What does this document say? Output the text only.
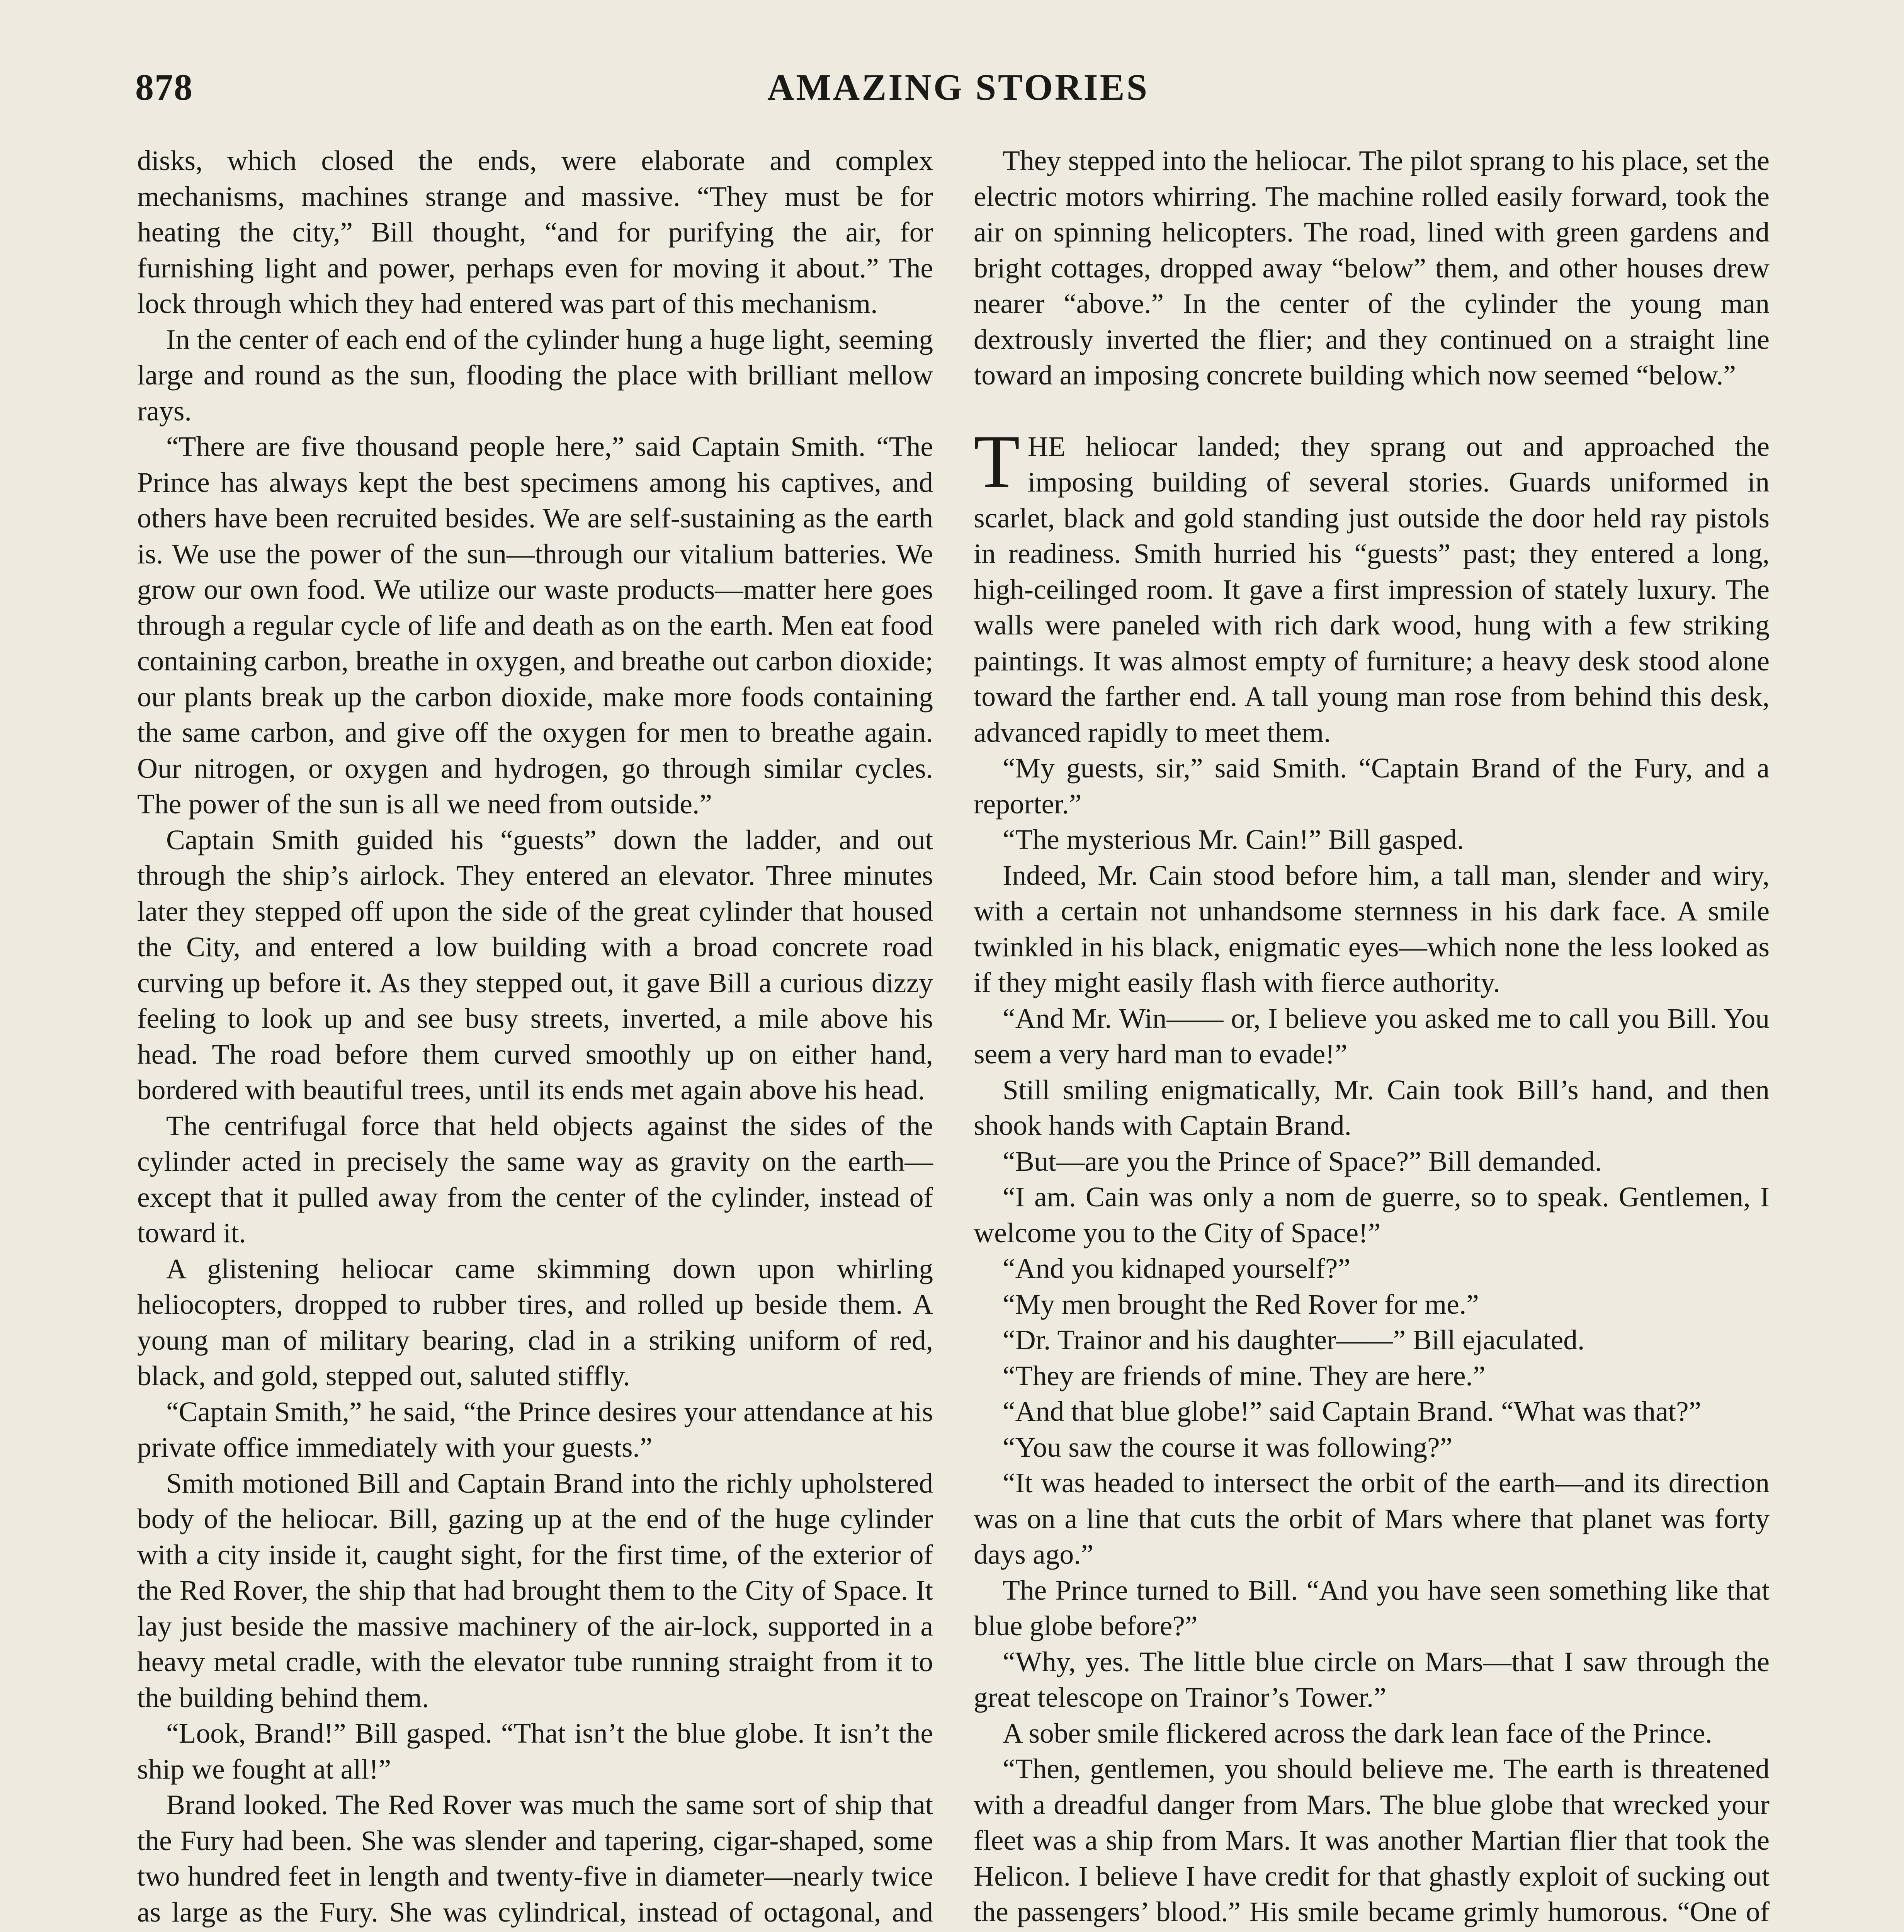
878	AMAZING STORIES

disks, which closed the ends, were elaborate and complex mechanisms, machines strange and massive. “They must be for heating the city,” Bill thought, “and for purifying the air, for furnishing light and power, perhaps even for moving it about.” The lock through which they had entered was part of this mechanism.

In the center of each end of the cylinder hung a huge light, seeming large and round as the sun, flooding the place with brilliant mellow rays.

“There are five thousand people here,” said Captain Smith. “The Prince has always kept the best specimens among his captives, and others have been recruited besides. We are self-sustaining as the earth is. We use the power of the sun—through our vitalium batteries. We grow our own food. We utilize our waste products—matter here goes through a regular cycle of life and death as on the earth. Men eat food containing carbon, breathe in oxygen, and breathe out carbon dioxide; our plants break up the carbon dioxide, make more foods containing the same carbon, and give off the oxygen for men to breathe again. Our nitrogen, or oxygen and hydrogen, go through similar cycles. The power of the sun is all we need from outside.”

Captain Smith guided his “guests” down the ladder, and out through the ship’s airlock. They entered an elevator. Three minutes later they stepped off upon the side of the great cylinder that housed the City, and entered a low building with a broad concrete road curving up before it. As they stepped out, it gave Bill a curious dizzy feeling to look up and see busy streets, inverted, a mile above his head. The road before them curved smoothly up on either hand, bordered with beautiful trees, until its ends met again above his head.

The centrifugal force that held objects against the sides of the cylinder acted in precisely the same way as gravity on the earth—except that it pulled away from the center of the cylinder, instead of toward it.

A glistening heliocar came skimming down upon whirling heliocopters, dropped to rubber tires, and rolled up beside them. A young man of military bearing, clad in a striking uniform of red, black, and gold, stepped out, saluted stiffly.

“Captain Smith,” he said, “the Prince desires your attendance at his private office immediately with your guests.”

Smith motioned Bill and Captain Brand into the richly upholstered body of the heliocar. Bill, gazing up at the end of the huge cylinder with a city inside it, caught sight, for the first time, of the exterior of the Red Rover, the ship that had brought them to the City of Space. It lay just beside the massive machinery of the air-lock, supported in a heavy metal cradle, with the elevator tube running straight from it to the building behind them.

“Look, Brand!” Bill gasped. “That isn’t the blue globe. It isn’t the ship we fought at all!”

Brand looked. The Red Rover was much the same sort of ship that the Fury had been. She was slender and tapering, cigar-shaped, some two hundred feet in length and twenty-five in diameter—nearly twice as large as the Fury. She was cylindrical, instead of octagonal, and

They stepped into the heliocar. The pilot sprang to his place, set the electric motors whirring. The machine rolled easily forward, took the air on spinning helicopters. The road, lined with green gardens and bright cottages, dropped away “below” them, and other houses drew nearer “above.” In the center of the cylinder the young man dextrously inverted the flier; and they continued on a straight line toward an imposing concrete building which now seemed “below.”

THE heliocar landed; they sprang out and approached the imposing building of several stories. Guards uniformed in scarlet, black and gold standing just outside the door held ray pistols in readiness. Smith hurried his “guests” past; they entered a long, high-ceilinged room. It gave a first impression of stately luxury. The walls were paneled with rich dark wood, hung with a few striking paintings. It was almost empty of furniture; a heavy desk stood alone toward the farther end. A tall young man rose from behind this desk, advanced rapidly to meet them.

“My guests, sir,” said Smith. “Captain Brand of the Fury, and a reporter.”

“The mysterious Mr. Cain!” Bill gasped.

Indeed, Mr. Cain stood before him, a tall man, slender and wiry, with a certain not unhandsome sternness in his dark face. A smile twinkled in his black, enigmatic eyes—which none the less looked as if they might easily flash with fierce authority.

“And Mr. Win—— or, I believe you asked me to call you Bill. You seem a very hard man to evade!”

Still smiling enigmatically, Mr. Cain took Bill’s hand, and then shook hands with Captain Brand.

“But—are you the Prince of Space?” Bill demanded.

“I am. Cain was only a nom de guerre, so to speak. Gentlemen, I welcome you to the City of Space!”

“And you kidnaped yourself?”

“My men brought the Red Rover for me.”

“Dr. Trainor and his daughter——” Bill ejaculated.

“They are friends of mine. They are here.”

“And that blue globe!” said Captain Brand. “What was that?”

“You saw the course it was following?”

“It was headed to intersect the orbit of the earth—and its direction was on a line that cuts the orbit of Mars where that planet was forty days ago.”

The Prince turned to Bill. “And you have seen something like that blue globe before?”

“Why, yes. The little blue circle on Mars—that I saw through the great telescope on Trainor’s Tower.”

A sober smile flickered across the dark lean face of the Prince.

“Then, gentlemen, you should believe me. The earth is threatened with a dreadful danger from Mars. The blue globe that wrecked your fleet was a ship from Mars. It was another Martian flier that took the Helicon. I believe I have credit for that ghastly exploit of sucking out the passengers’ blood.” His smile became grimly humorous. “One of
